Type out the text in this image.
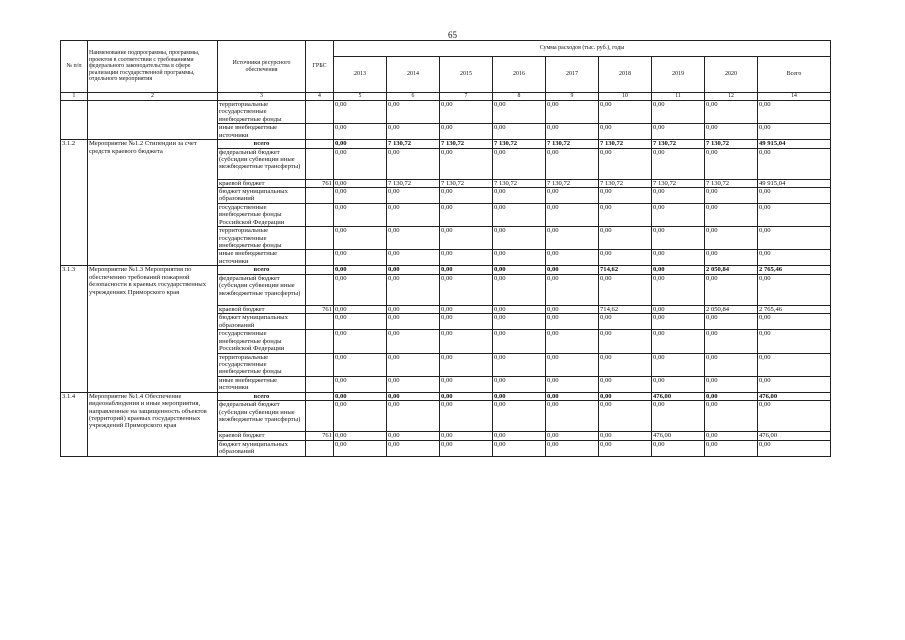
65
№ п/п	Наименование подпрограммы, программы, проектов в соответствии с требованиями федерального законодательства в сфере реализации государственной программы, отдельного мероприятия	Источники ресурсного обеспечения	ГРБС	Сумма расходов (тыс. руб.), годы								
				2013	2014	2015	2016	2017	2018	2019	2020	Всего
1	2	3	4	5	6	7	8	9	10	11	12	14
		территориальные государственные внебюджетные фонды		0,00	0,00	0,00	0,00	0,00	0,00	0,00	0,00	0,00
		иные внебюджетные источники		0,00	0,00	0,00	0,00	0,00	0,00	0,00	0,00	0,00
3.1.2	Мероприятие №1.2 Стипендии за счет средств краевого бюджета	всего		0,00	7 130,72	7 130,72	7 130,72	7 130,72	7 130,72	7 130,72	7 130,72	49 915,04
		федеральный бюджет (субсидии субвенции иные межбюджетные трансферты)		0,00	0,00	0,00	0,00	0,00	0,00	0,00	0,00	0,00
		краевой бюджет	761	0,00	7 130,72	7 130,72	7 130,72	7 130,72	7 130,72	7 130,72	7 130,72	49 915,04
		бюджет муниципальных образований		0,00	0,00	0,00	0,00	0,00	0,00	0,00	0,00	0,00
		государственные внебюджетные фонды Российской Федерации		0,00	0,00	0,00	0,00	0,00	0,00	0,00	0,00	0,00
		территориальные государственные внебюджетные фонды		0,00	0,00	0,00	0,00	0,00	0,00	0,00	0,00	0,00
		иные внебюджетные источники		0,00	0,00	0,00	0,00	0,00	0,00	0,00	0,00	0,00
3.1.3	Мероприятие №1.3 Мероприятия по обеспечению требований пожарной безопасности в краевых государственных учреждениях Приморского края	всего		0,00	0,00	0,00	0,00	0,00	714,62	0,00	2 050,84	2 765,46
		федеральный бюджет (субсидии субвенции иные межбюджетные трансферты)		0,00	0,00	0,00	0,00	0,00	0,00	0,00	0,00	0,00
		краевой бюджет	761	0,00	0,00	0,00	0,00	0,00	714,62	0,00	2 050,84	2 765,46
		бюджет муниципальных образований		0,00	0,00	0,00	0,00	0,00	0,00	0,00	0,00	0,00
		государственные внебюджетные фонды Российской Федерации		0,00	0,00	0,00	0,00	0,00	0,00	0,00	0,00	0,00
		территориальные государственные внебюджетные фонды		0,00	0,00	0,00	0,00	0,00	0,00	0,00	0,00	0,00
		иные внебюджетные источники		0,00	0,00	0,00	0,00	0,00	0,00	0,00	0,00	0,00
3.1.4	Мероприятие №1.4 Обеспечение видеонаблюдения и иные мероприятия, направленные на защищенность объектов (территорий) краевых государственных учреждений Приморского края	всего		0,00	0,00	0,00	0,00	0,00	0,00	476,00	0,00	476,00
		федеральный бюджет (субсидии субвенции иные межбюджетные трансферты)		0,00	0,00	0,00	0,00	0,00	0,00	0,00	0,00	0,00
		краевой бюджет	761	0,00	0,00	0,00	0,00	0,00	0,00	476,00	0,00	476,00
		бюджет муниципальных образований		0,00	0,00	0,00	0,00	0,00	0,00	0,00	0,00	0,00
